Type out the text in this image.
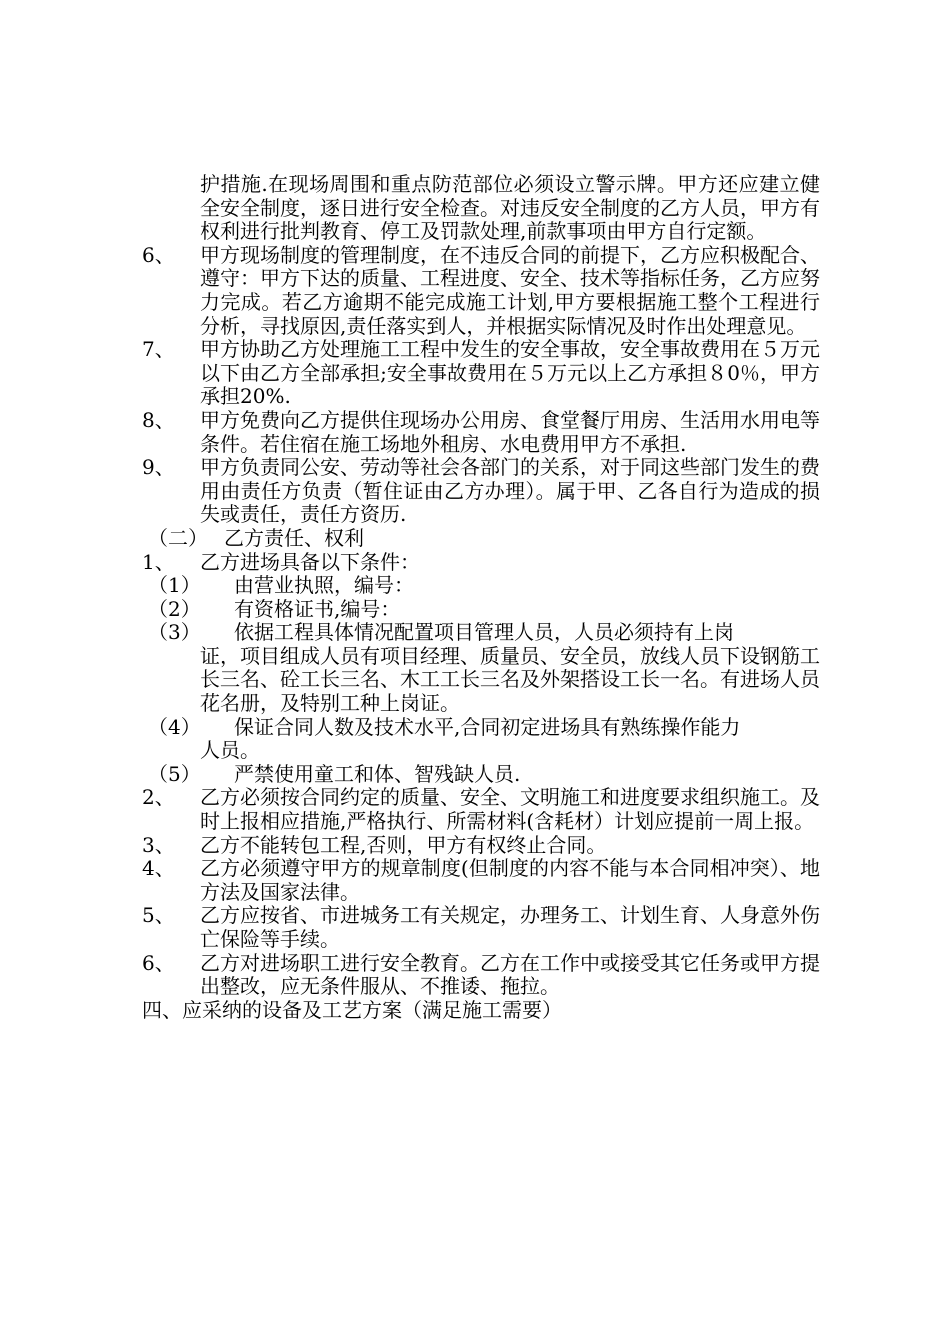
护措施.在现场周围和重点防范部位必须设立警示牌。甲方还应建立健全安全制度，逐日进行安全检查。对违反安全制度的乙方人员，甲方有权利进行批判教育、停工及罚款处理,前款事项由甲方自行定额。
6、 甲方现场制度的管理制度，在不违反合同的前提下，乙方应积极配合、遵守：甲方下达的质量、工程进度、安全、技术等指标任务，乙方应努力完成。若乙方逾期不能完成施工计划,甲方要根据施工整个工程进行分析，寻找原因,责任落实到人，并根据实际情况及时作出处理意见。
7、 甲方协助乙方处理施工工程中发生的安全事故，安全事故费用在５万元以下由乙方全部承担;安全事故费用在５万元以上乙方承担８0％，甲方承担20%.
8、 甲方免费向乙方提供住现场办公用房、食堂餐厅用房、生活用水用电等条件。若住宿在施工场地外租房、水电费用甲方不承担.
9、 甲方负责同公安、劳动等社会各部门的关系，对于同这些部门发生的费用由责任方负责（暂住证由乙方办理）。属于甲、乙各自行为造成的损失或责任，责任方资历.
（二） 乙方责任、权利
1、 乙方进场具备以下条件：
（1）	由营业执照，编号：
（2）	有资格证书,编号：
（3）	依据工程具体情况配置项目管理人员，人员必须持有上岗
证，项目组成人员有项目经理、质量员、安全员，放线人员下设钢筋工长三名、砼工长三名、木工工长三名及外架搭设工长一名。有进场人员花名册，及特别工种上岗证。
（4）	保证合同人数及技术水平,合同初定进场具有熟练操作能力
人员。
（5）	严禁使用童工和体、智残缺人员.
2、 乙方必须按合同约定的质量、安全、文明施工和进度要求组织施工。及时上报相应措施,严格执行、所需材料(含耗材）计划应提前一周上报。
3、 乙方不能转包工程,否则，甲方有权终止合同。
4、 乙方必须遵守甲方的规章制度(但制度的内容不能与本合同相冲突）、地方法及国家法律。
5、 乙方应按省、市进城务工有关规定，办理务工、计划生育、人身意外伤亡保险等手续。
6、 乙方对进场职工进行安全教育。乙方在工作中或接受其它任务或甲方提出整改，应无条件服从、不推诿、拖拉。
四、应采纳的设备及工艺方案（满足施工需要）
